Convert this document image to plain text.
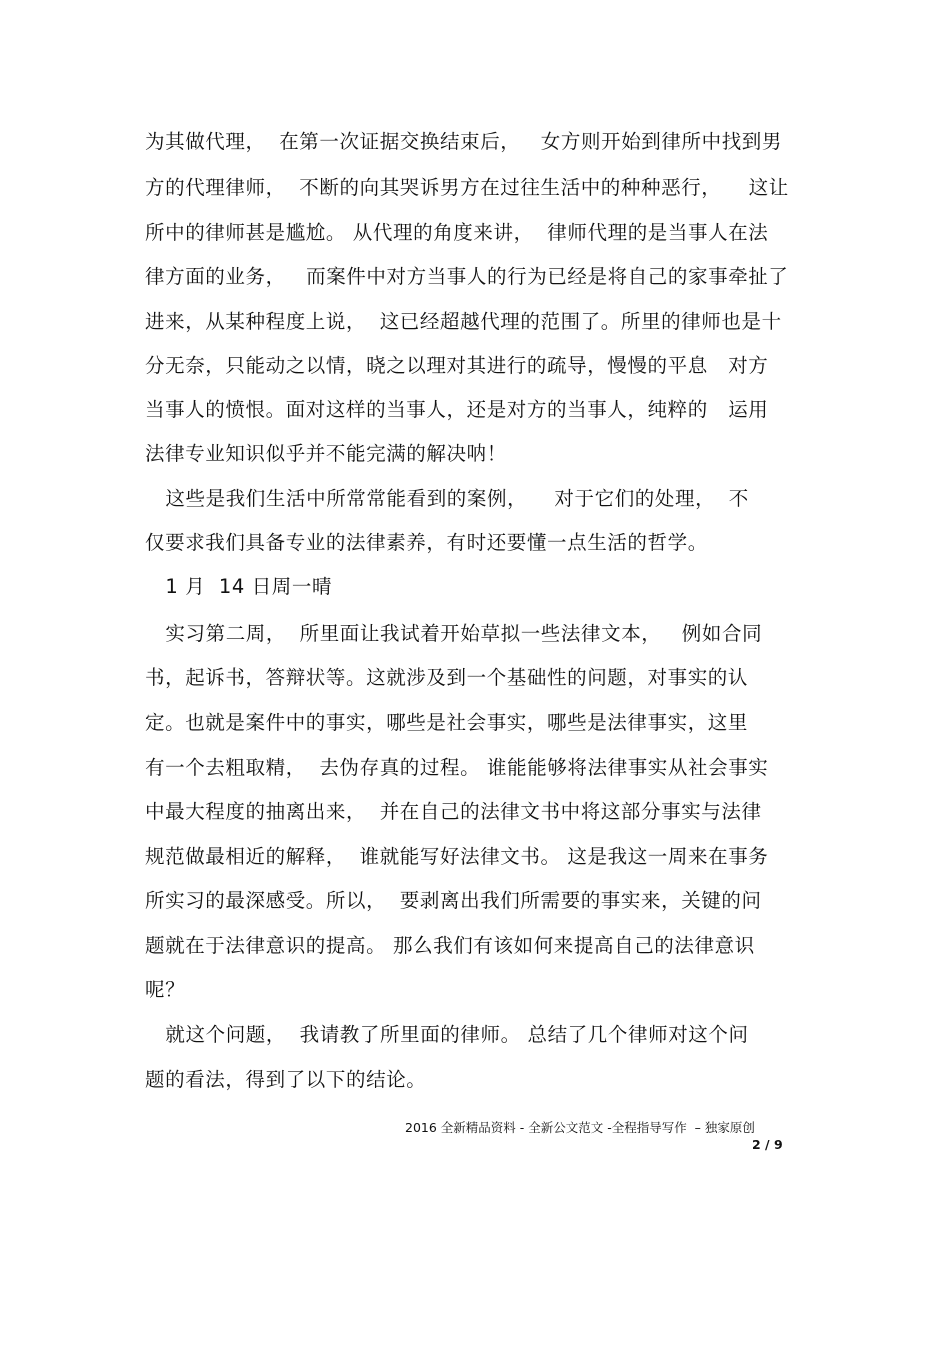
为其做代理，  在第一次证据交换结束后，   女方则开始到律所中找到男
方的代理律师，  不断的向其哭诉男方在过往生活中的种种恶行，    这让
所中的律师甚是尴尬。 从代理的角度来讲，  律师代理的是当事人在法
律方面的业务，   而案件中对方当事人的行为已经是将自己的家事牵扯了
进来，从某种程度上说，  这已经超越代理的范围了。所里的律师也是十
分无奈，只能动之以情，晓之以理对其进行的疏导，慢慢的平息   对方
当事人的愤恨。面对这样的当事人，还是对方的当事人，纯粹的   运用
法律专业知识似乎并不能完满的解决呐！
这些是我们生活中所常常能看到的案例，    对于它们的处理，  不
仅要求我们具备专业的法律素养，有时还要懂一点生活的哲学。
1 月  14 日周一晴
实习第二周，  所里面让我试着开始草拟一些法律文本，   例如合同
书，起诉书，答辩状等。这就涉及到一个基础性的问题，对事实的认
定。也就是案件中的事实，哪些是社会事实，哪些是法律事实，这里
有一个去粗取精，  去伪存真的过程。 谁能能够将法律事实从社会事实
中最大程度的抽离出来，  并在自己的法律文书中将这部分事实与法律
规范做最相近的解释，  谁就能写好法律文书。 这是我这一周来在事务
所实习的最深感受。所以，  要剥离出我们所需要的事实来，关键的问
题就在于法律意识的提高。 那么我们有该如何来提高自己的法律意识
呢？
就这个问题，  我请教了所里面的律师。 总结了几个律师对这个问
题的看法，得到了以下的结论。
2016 全新精品资料 - 全新公文范文 -全程指导写作  – 独家原创
2 / 9
